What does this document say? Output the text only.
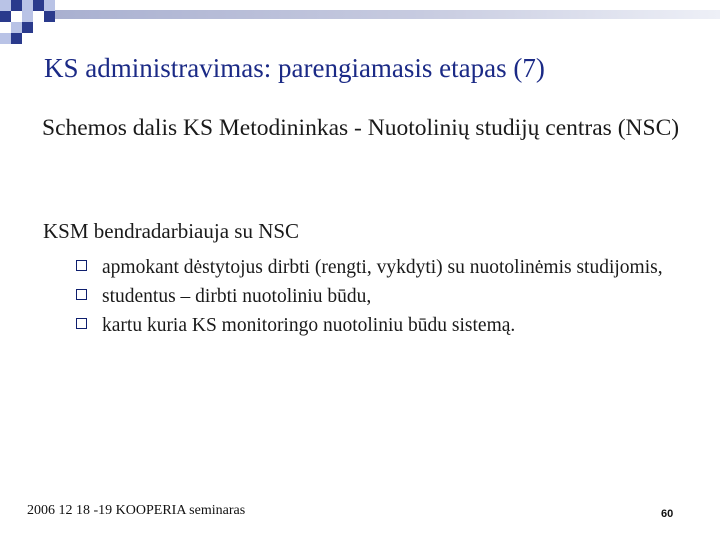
KS administravimas: parengiamasis etapas (7)

Schemos dalis KS Metodininkas - Nuotolinių studijų centras (NSC)

KSM bendradarbiauja su NSC

apmokant dėstytojus dirbti (rengti, vykdyti) su nuotolinėmis studijomis,
studentus – dirbti nuotoliniu būdu,
kartu kuria KS monitoringo nuotoliniu būdu sistemą.

2006 12 18 -19 KOOPERIA seminaras	60
